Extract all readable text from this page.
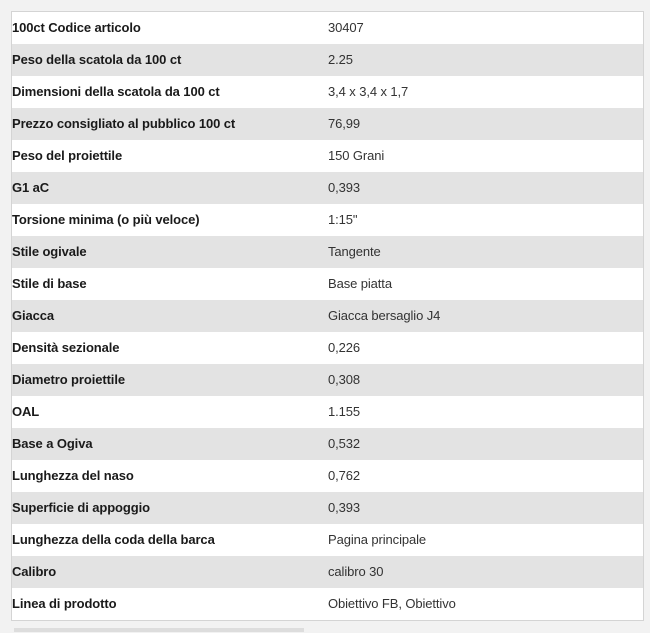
100ct Codice articolo	30407
Peso della scatola da 100 ct	2.25
Dimensioni della scatola da 100 ct	3,4 x 3,4 x 1,7
Prezzo consigliato al pubblico 100 ct	76,99
Peso del proiettile	150 Grani
G1 aC	0,393
Torsione minima (o più veloce)	1:15"
Stile ogivale	Tangente
Stile di base	Base piatta
Giacca	Giacca bersaglio J4
Densità sezionale	0,226
Diametro proiettile	0,308
OAL	1.155
Base a Ogiva	0,532
Lunghezza del naso	0,762
Superficie di appoggio	0,393
Lunghezza della coda della barca	Pagina principale
Calibro	calibro 30
Linea di prodotto	Obiettivo FB, Obiettivo
